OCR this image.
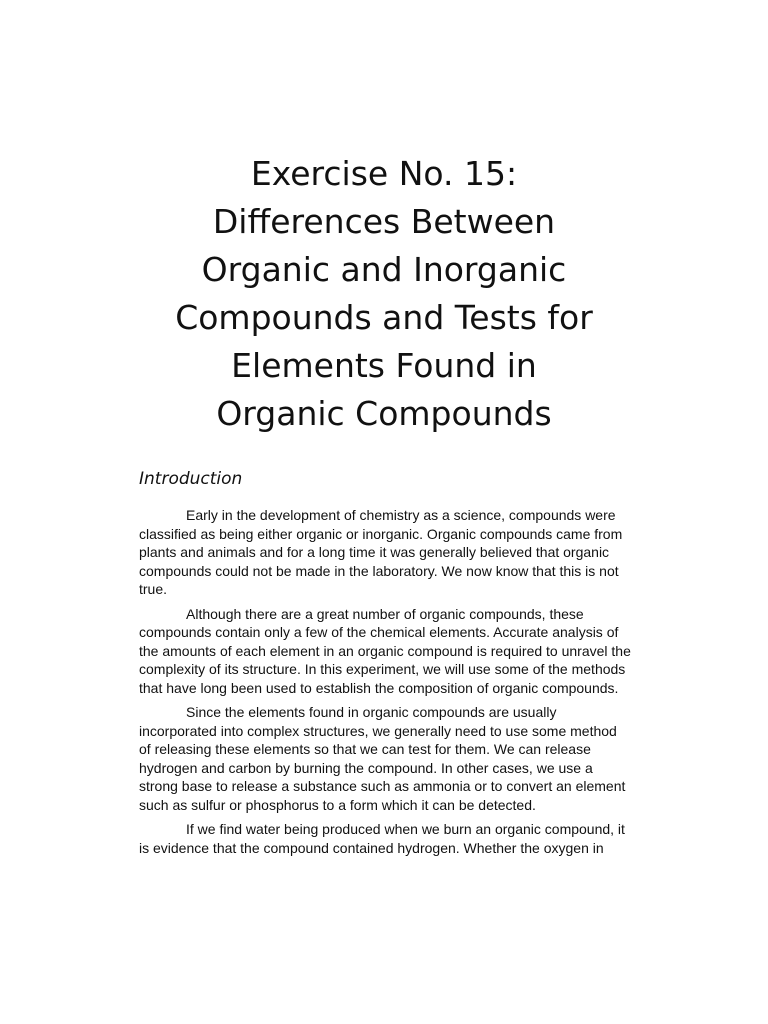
Exercise No. 15:
Differences Between
Organic and Inorganic
Compounds and Tests for
Elements Found in
Organic Compounds
Introduction

Early in the development of chemistry as a science, compounds were classified as being either organic or inorganic. Organic compounds came from plants and animals and for a long time it was generally believed that organic compounds could not be made in the laboratory. We now know that this is not true.

Although there are a great number of organic compounds, these compounds contain only a few of the chemical elements. Accurate analysis of the amounts of each element in an organic compound is required to unravel the complexity of its structure. In this experiment, we will use some of the methods that have long been used to establish the composition of organic compounds.

Since the elements found in organic compounds are usually incorporated into complex structures, we generally need to use some method of releasing these elements so that we can test for them. We can release hydrogen and carbon by burning the compound. In other cases, we use a strong base to release a substance such as ammonia or to convert an element such as sulfur or phosphorus to a form which it can be detected.

If we find water being produced when we burn an organic compound, it is evidence that the compound contained hydrogen. Whether the oxygen in
